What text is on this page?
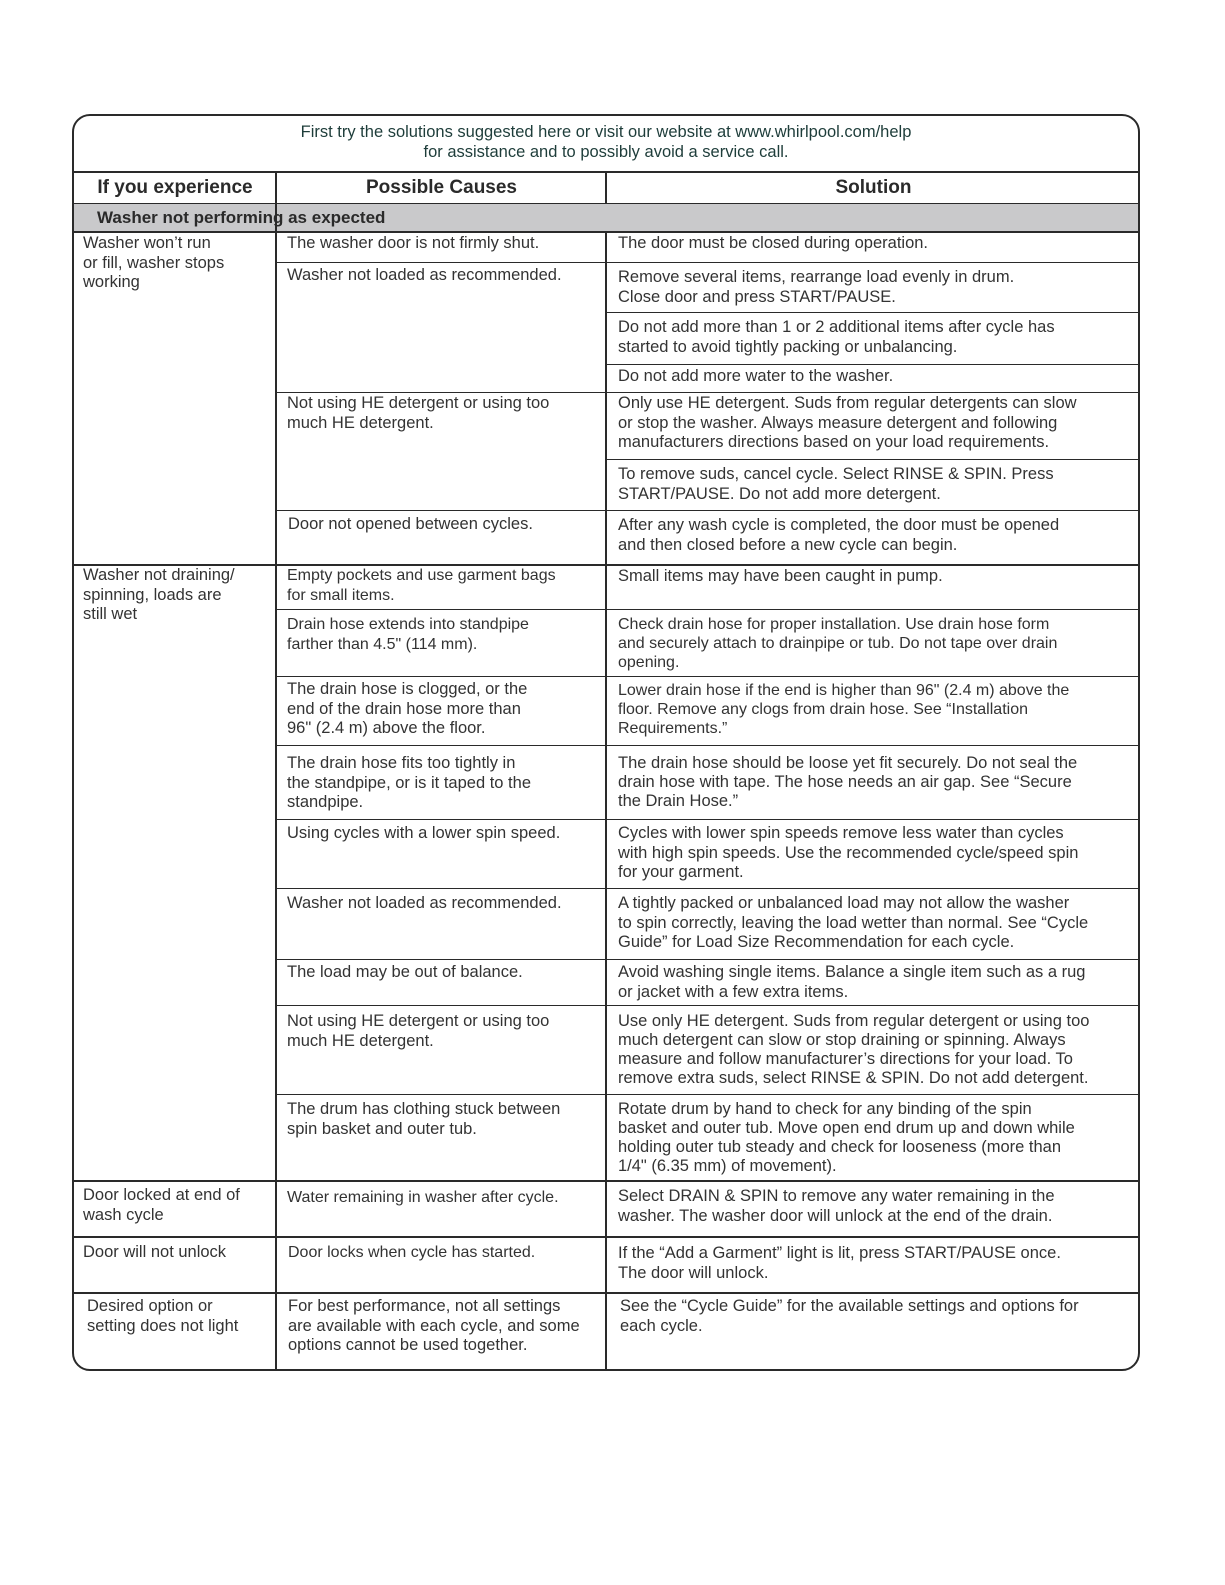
First try the solutions suggested here or visit our website at www.whirlpool.com/help
for assistance and to possibly avoid a service call.
If you experience	Possible Causes	Solution
Washer not performing as expected
Washer won’t run
or fill, washer stops
working
Washer not draining/
spinning, loads are
still wet
Door locked at end of
wash cycle
Door will not unlock
Desired option or
setting does not light
The washer door is not firmly shut.
Washer not loaded as recommended.
Not using HE detergent or using too
much HE detergent.
Door not opened between cycles.
Empty pockets and use garment bags
for small items.
Drain hose extends into standpipe
farther than 4.5" (114 mm).
The drain hose is clogged, or the
end of the drain hose more than
96" (2.4 m) above the floor.
The drain hose fits too tightly in
the standpipe, or is it taped to the
standpipe.
Using cycles with a lower spin speed.
Washer not loaded as recommended.
The load may be out of balance.
Not using HE detergent or using too
much HE detergent.
The drum has clothing stuck between
spin basket and outer tub.
Water remaining in washer after cycle.
Door locks when cycle has started.
For best performance, not all settings
are available with each cycle, and some
options cannot be used together.
The door must be closed during operation.
Remove several items, rearrange load evenly in drum.
Close door and press START/PAUSE.
Do not add more than 1 or 2 additional items after cycle has
started to avoid tightly packing or unbalancing.
Do not add more water to the washer.
Only use HE detergent. Suds from regular detergents can slow
or stop the washer. Always measure detergent and following
manufacturers directions based on your load requirements.
To remove suds, cancel cycle. Select RINSE & SPIN. Press
START/PAUSE. Do not add more detergent.
After any wash cycle is completed, the door must be opened
and then closed before a new cycle can begin.
Small items may have been caught in pump.
Check drain hose for proper installation. Use drain hose form
and securely attach to drainpipe or tub. Do not tape over drain
opening.
Lower drain hose if the end is higher than 96" (2.4 m) above the
floor. Remove any clogs from drain hose. See “Installation
Requirements.”
The drain hose should be loose yet fit securely. Do not seal the
drain hose with tape. The hose needs an air gap. See “Secure
the Drain Hose.”
Cycles with lower spin speeds remove less water than cycles
with high spin speeds. Use the recommended cycle/speed spin
for your garment.
A tightly packed or unbalanced load may not allow the washer
to spin correctly, leaving the load wetter than normal. See “Cycle
Guide” for Load Size Recommendation for each cycle.
Avoid washing single items. Balance a single item such as a rug
or jacket with a few extra items.
Use only HE detergent. Suds from regular detergent or using too
much detergent can slow or stop draining or spinning. Always
measure and follow manufacturer’s directions for your load. To
remove extra suds, select RINSE & SPIN. Do not add detergent.
Rotate drum by hand to check for any binding of the spin
basket and outer tub. Move open end drum up and down while
holding outer tub steady and check for looseness (more than
1/4" (6.35 mm) of movement).
Select DRAIN & SPIN to remove any water remaining in the
washer. The washer door will unlock at the end of the drain.
If the “Add a Garment” light is lit, press START/PAUSE once.
The door will unlock.
See the “Cycle Guide” for the available settings and options for
each cycle.
